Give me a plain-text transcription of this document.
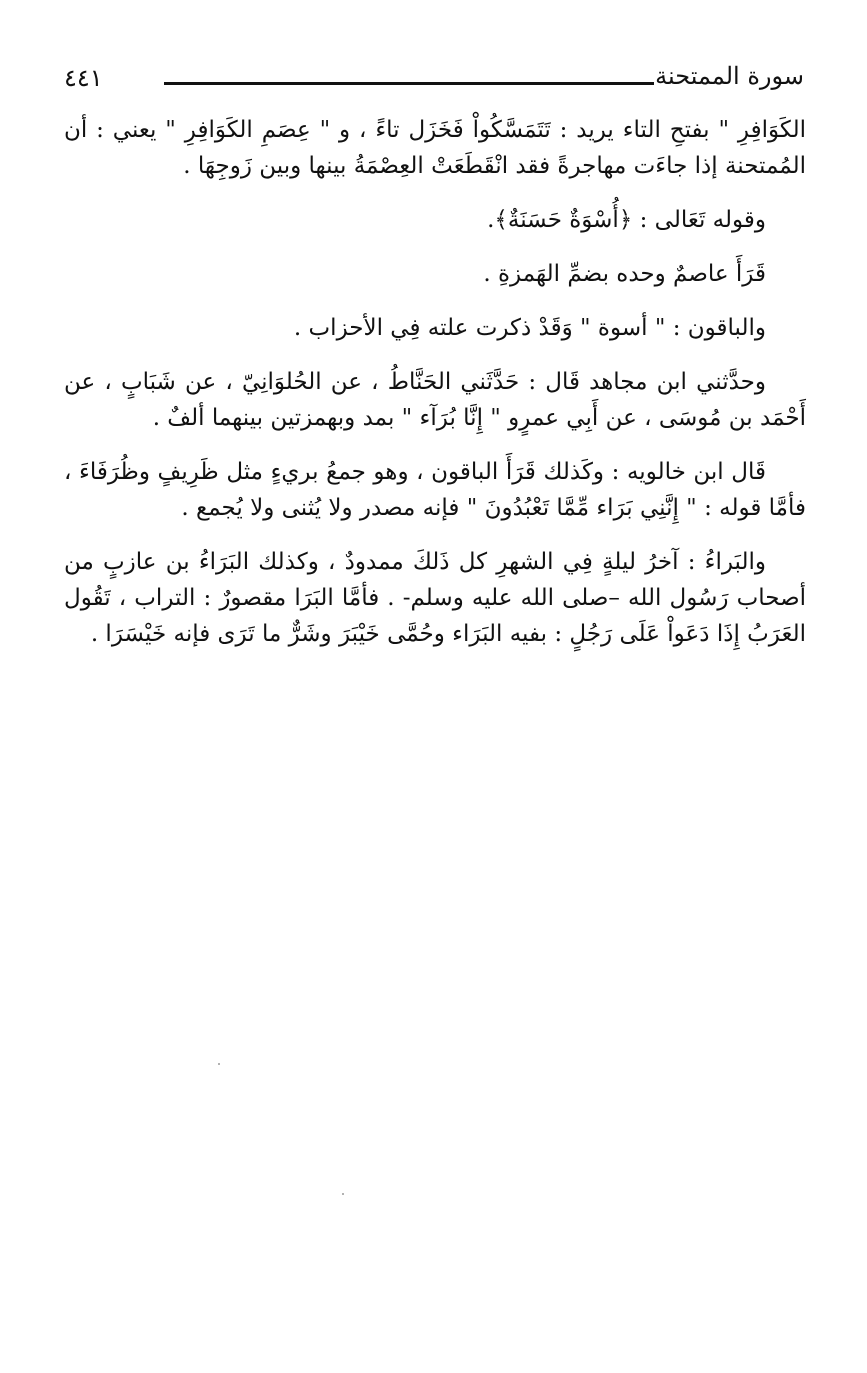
٤٤١	سورة الممتحنة

الكَوَافِرِ " بفتحِ التاء يريد : تَتَمَسَّكُواْ فَخَزَل تاءً ، و " عِصَمِ الكَوَافِرِ " يعني : أن المُمتحنة إذا جاءَت مهاجرةً فقد انْقَطَعَتْ العِصْمَةُ بينها وبين زَوجِهَا .

وقوله تَعَالى : ﴿أُسْوَةٌ حَسَنَةٌ﴾.

قَرَأَ عاصمٌ وحده بضمِّ الهَمزةِ .

والباقون : " أسوة " وَقَدْ ذكرت علته فِي الأحزاب .

وحدَّثني ابن مجاهد قَال : حَدَّثَني الحَنَّاطُ ، عن الحُلوَانِيّ ، عن شَبَابٍ ، عن أَحْمَد بن مُوسَى ، عن أَبِي عمرٍو " إِنَّا بُرَآء " بمد وبهمزتين بينهما ألفٌ .

قَال ابن خالويه : وكَذلك قَرَأَ الباقون ، وهو جمعُ بريءٍ مثل ظَرِيفٍ وظُرَفَاءَ ، فأمَّا قوله : " إِنَّنِي بَرَاء مِّمَّا تَعْبُدُونَ " فإنه مصدر ولا يُثنى ولا يُجمع .

والبَراءُ : آخرُ ليلةٍ فِي الشهرِ كل ذَلكَ ممدودٌ ، وكذلك البَرَاءُ بن عازبٍ من أصحاب رَسُول الله –صلى الله عليه وسلم- . فأمَّا البَرَا مقصورٌ : التراب ، تَقُول العَرَبُ إِذَا دَعَواْ عَلَى رَجُلٍ : بفيه البَرَاء وحُمَّى خَيْبَرَ وشَرٌّ ما تَرَى فإنه خَيْسَرَا .
